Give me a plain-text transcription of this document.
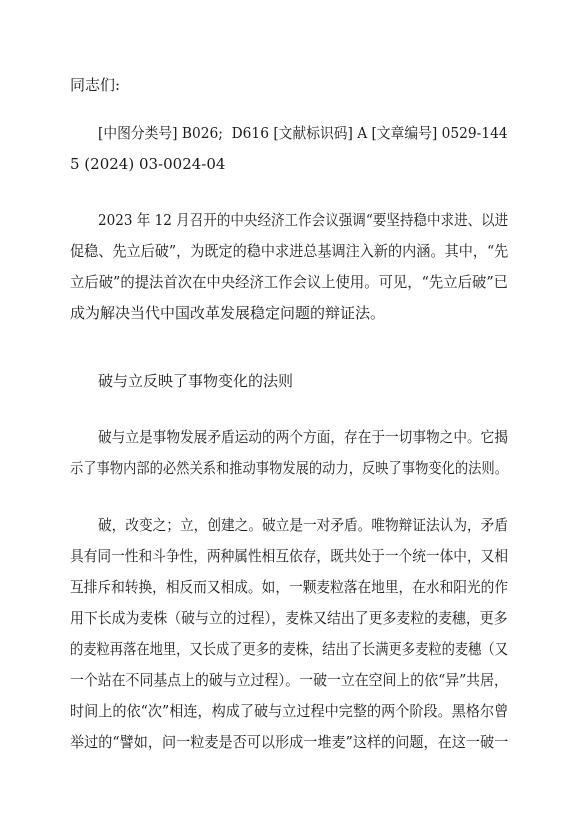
同志们:
[中图分类号] B026;  D616 [文献标识码] A [文章编号] 0529-144
5 (2024) 03-0024-04
2023 年 12 月召开的中央经济工作会议强调“要坚持稳中求进、以进
促稳、先立后破”，为既定的稳中求进总基调注入新的内涵。其中，“先
立后破”的提法首次在中央经济工作会议上使用。可见，“先立后破”已
成为解决当代中国改革发展稳定问题的辩证法。
破与立反映了事物变化的法则
破与立是事物发展矛盾运动的两个方面，存在于一切事物之中。它揭
示了事物内部的必然关系和推动事物发展的动力，反映了事物变化的法则。
破，改变之；立，创建之。破立是一对矛盾。唯物辩证法认为，矛盾
具有同一性和斗争性，两种属性相互依存，既共处于一个统一体中，又相
互排斥和转换，相反而又相成。如，一颗麦粒落在地里，在水和阳光的作
用下长成为麦株（破与立的过程），麦株又结出了更多麦粒的麦穗，更多
的麦粒再落在地里，又长成了更多的麦株，结出了长满更多麦粒的麦穗（又
一个站在不同基点上的破与立过程）。一破一立在空间上的依“异”共居，
时间上的依“次”相连，构成了破与立过程中完整的两个阶段。黑格尔曾
举过的“譬如，问一粒麦是否可以形成一堆麦”这样的问题，在这一破一
